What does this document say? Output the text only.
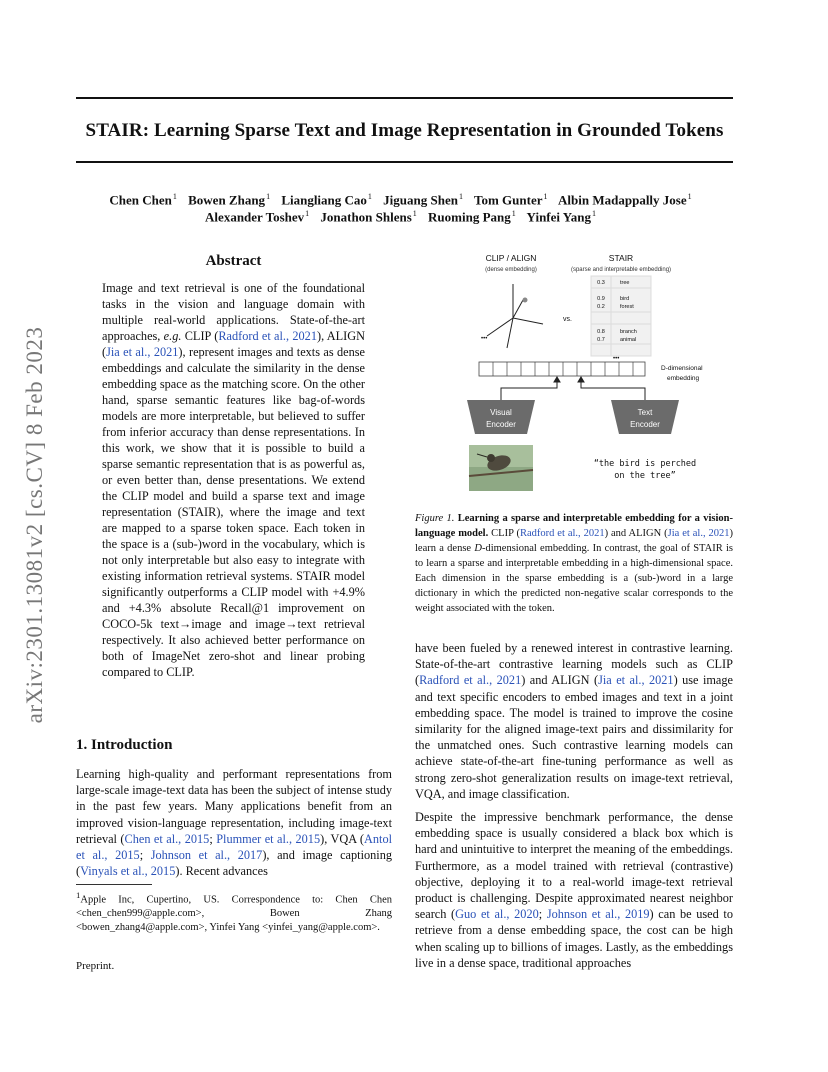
STAIR: Learning Sparse Text and Image Representation in Grounded Tokens
Chen Chen$^1$ Bowen Zhang$^1$ Liangliang Cao$^1$ Jiguang Shen$^1$ Tom Gunter$^1$ Albin Madappally Jose$^1$
Alexander Toshev$^1$ Jonathon Shlens$^1$ Ruoming Pang$^1$ Yinfei Yang$^1$
arXiv:2301.13081v2 [cs.CV] 8 Feb 2023
Abstract
Image and text retrieval is one of the foundational tasks in the vision and language domain with multiple real-world applications. State-of-the-art approaches, e.g. CLIP (Radford et al., 2021), ALIGN (Jia et al., 2021), represent images and texts as dense embeddings and calculate the similarity in the dense embedding space as the matching score. On the other hand, sparse semantic features like bag-of-words models are more interpretable, but believed to suffer from inferior accuracy than dense representations. In this work, we show that it is possible to build a sparse semantic representation that is as powerful as, or even better than, dense presentations. We extend the CLIP model and build a sparse text and image representation (STAIR), where the image and text are mapped to a sparse token space. Each token in the space is a (sub-)word in the vocabulary, which is not only interpretable but also easy to integrate with existing information retrieval systems. STAIR model significantly outperforms a CLIP model with +4.9% and +4.3% absolute Recall@1 improvement on COCO-5k text→image and image→text retrieval respectively. It also achieved better performance on both of ImageNet zero-shot and linear probing compared to CLIP.
1. Introduction
Learning high-quality and performant representations from large-scale image-text data has been the subject of intense study in the past few years. Many applications benefit from an improved vision-language representation, including image-text retrieval (Chen et al., 2015; Plummer et al., 2015), VQA (Antol et al., 2015; Johnson et al., 2017), and image captioning (Vinyals et al., 2015). Recent advances
$^1$Apple Inc, Cupertino, US. Correspondence to: Chen Chen <chen_chen999@apple.com>, Bowen Zhang <bowen_zhang4@apple.com>, Yinfei Yang <yinfei_yang@apple.com>.
Preprint.
CLIP / ALIGN
(dense embedding)
STAIR
(sparse and interpretable embedding)
•••
vs.
0.3	tree
0.9	bird
0.2	forest
0.8	branch
0.7	animal
•••
D-dimensional
embedding
Visual
Encoder
Text
Encoder
“the bird is perched
on the tree”
Figure 1. Learning a sparse and interpretable embedding for a vision-language model. CLIP (Radford et al., 2021) and ALIGN (Jia et al., 2021) learn a dense D-dimensional embedding. In contrast, the goal of STAIR is to learn a sparse and interpretable embedding in a high-dimensional space. Each dimension in the sparse embedding is a (sub-)word in a large dictionary in which the predicted non-negative scalar corresponds to the weight associated with the token.
have been fueled by a renewed interest in contrastive learning. State-of-the-art contrastive learning models such as CLIP (Radford et al., 2021) and ALIGN (Jia et al., 2021) use image and text specific encoders to embed images and text in a joint embedding space. The model is trained to improve the cosine similarity for the aligned image-text pairs and dissimilarity for the unmatched ones. Such contrastive learning models can achieve state-of-the-art fine-tuning performance as well as strong zero-shot generalization results on image-text retrieval, VQA, and image classification.
Despite the impressive benchmark performance, the dense embedding space is usually considered a black box which is hard and unintuitive to interpret the meaning of the embeddings. Furthermore, as a model trained with retrieval (contrastive) objective, deploying it to a real-world image-text retrieval product is challenging. Despite approximated nearest neighbor search (Guo et al., 2020; Johnson et al., 2019) can be used to retrieve from a dense embedding space, the cost can be high when scaling up to billions of images. Lastly, as the embeddings live in a dense space, traditional approaches
